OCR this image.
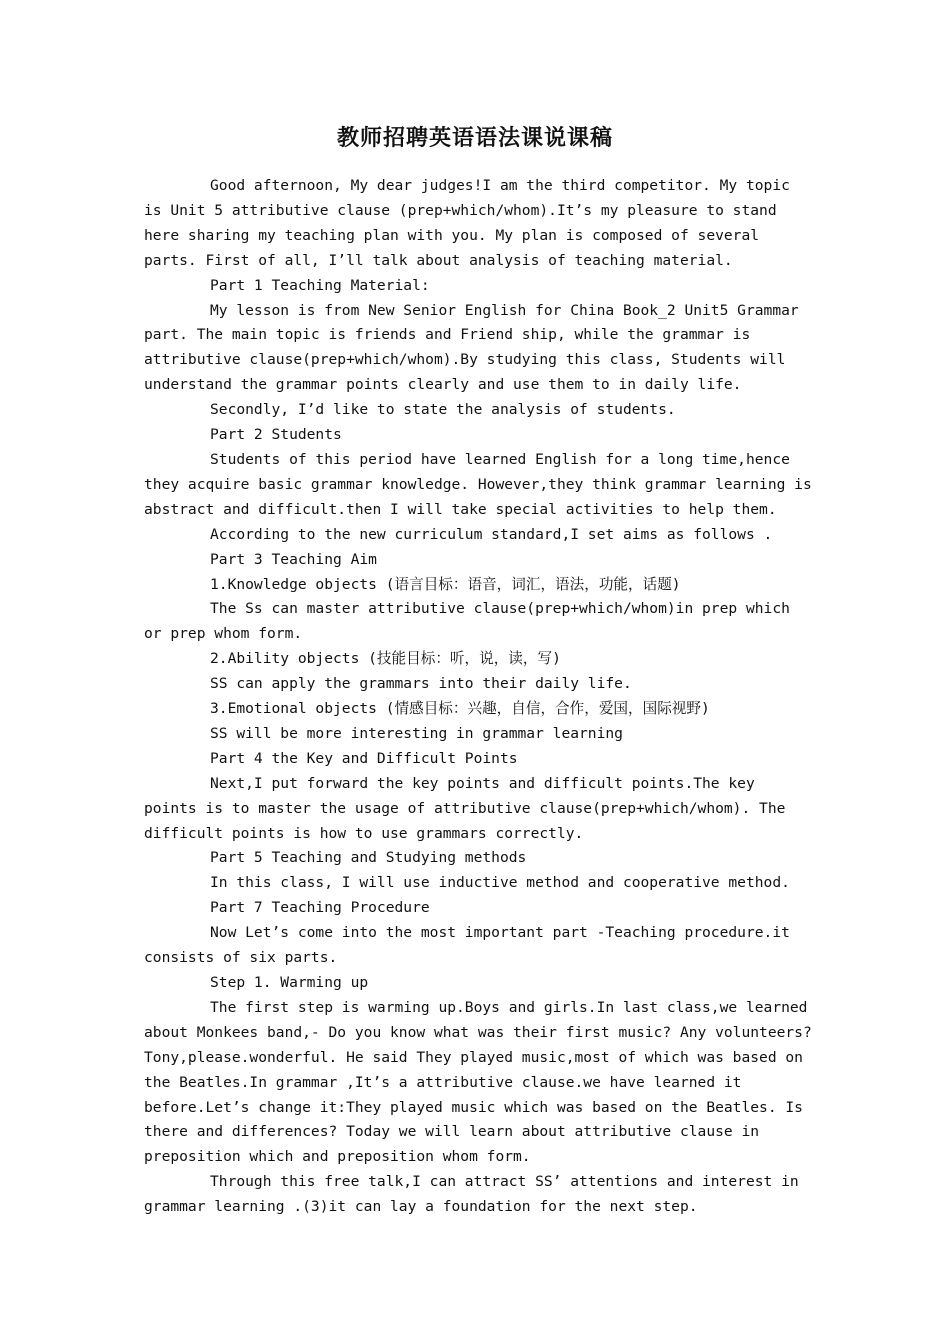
教师招聘英语语法课说课稿

Good afternoon, My dear judges!I am the third competitor. My topic is Unit 5 attributive clause (prep+which/whom).It’s my pleasure to stand here sharing my teaching plan with you. My plan is composed of several parts. First of all, I’ll talk about analysis of teaching material.

Part 1 Teaching Material:

My lesson is from New Senior English for China Book_2 Unit5 Grammar part. The main topic is friends and Friend ship, while the grammar is attributive clause(prep+which/whom).By studying this class, Students will understand the grammar points clearly and use them to in daily life.

Secondly, I’d like to state the analysis of students.

Part 2 Students

Students of this period have learned English for a long time,hence they acquire basic grammar knowledge. However,they think grammar learning is abstract and difficult.then I will take special activities to help them.

According to the new curriculum standard,I set aims as follows .

Part 3 Teaching Aim

1.Knowledge objects (语言目标：语音，词汇，语法，功能，话题)

The Ss can master attributive clause(prep+which/whom)in prep which or prep whom form.

2.Ability objects (技能目标：听，说，读，写)

SS can apply the grammars into their daily life.

3.Emotional objects (情感目标：兴趣，自信，合作，爱国，国际视野)

SS will be more interesting in grammar learning

Part 4 the Key and Difficult Points

Next,I put forward the key points and difficult points.The key points is to master the usage of attributive clause(prep+which/whom). The difficult points is how to use grammars correctly.

Part 5 Teaching and Studying methods

In this class, I will use inductive method and cooperative method.

Part 7 Teaching Procedure

Now Let’s come into the most important part -Teaching procedure.it consists of six parts.

Step 1. Warming up

The first step is warming up.Boys and girls.In last class,we learned about Monkees band,- Do you know what was their first music? Any volunteers? Tony,please.wonderful. He said They played music,most of which was based on the Beatles.In grammar ,It’s a attributive clause.we have learned it before.Let’s change it:They played music which was based on the Beatles. Is there and differences? Today we will learn about attributive clause in preposition which and preposition whom form.

Through this free talk,I can attract SS’ attentions and interest in grammar learning .(3)it can lay a foundation for the next step.
